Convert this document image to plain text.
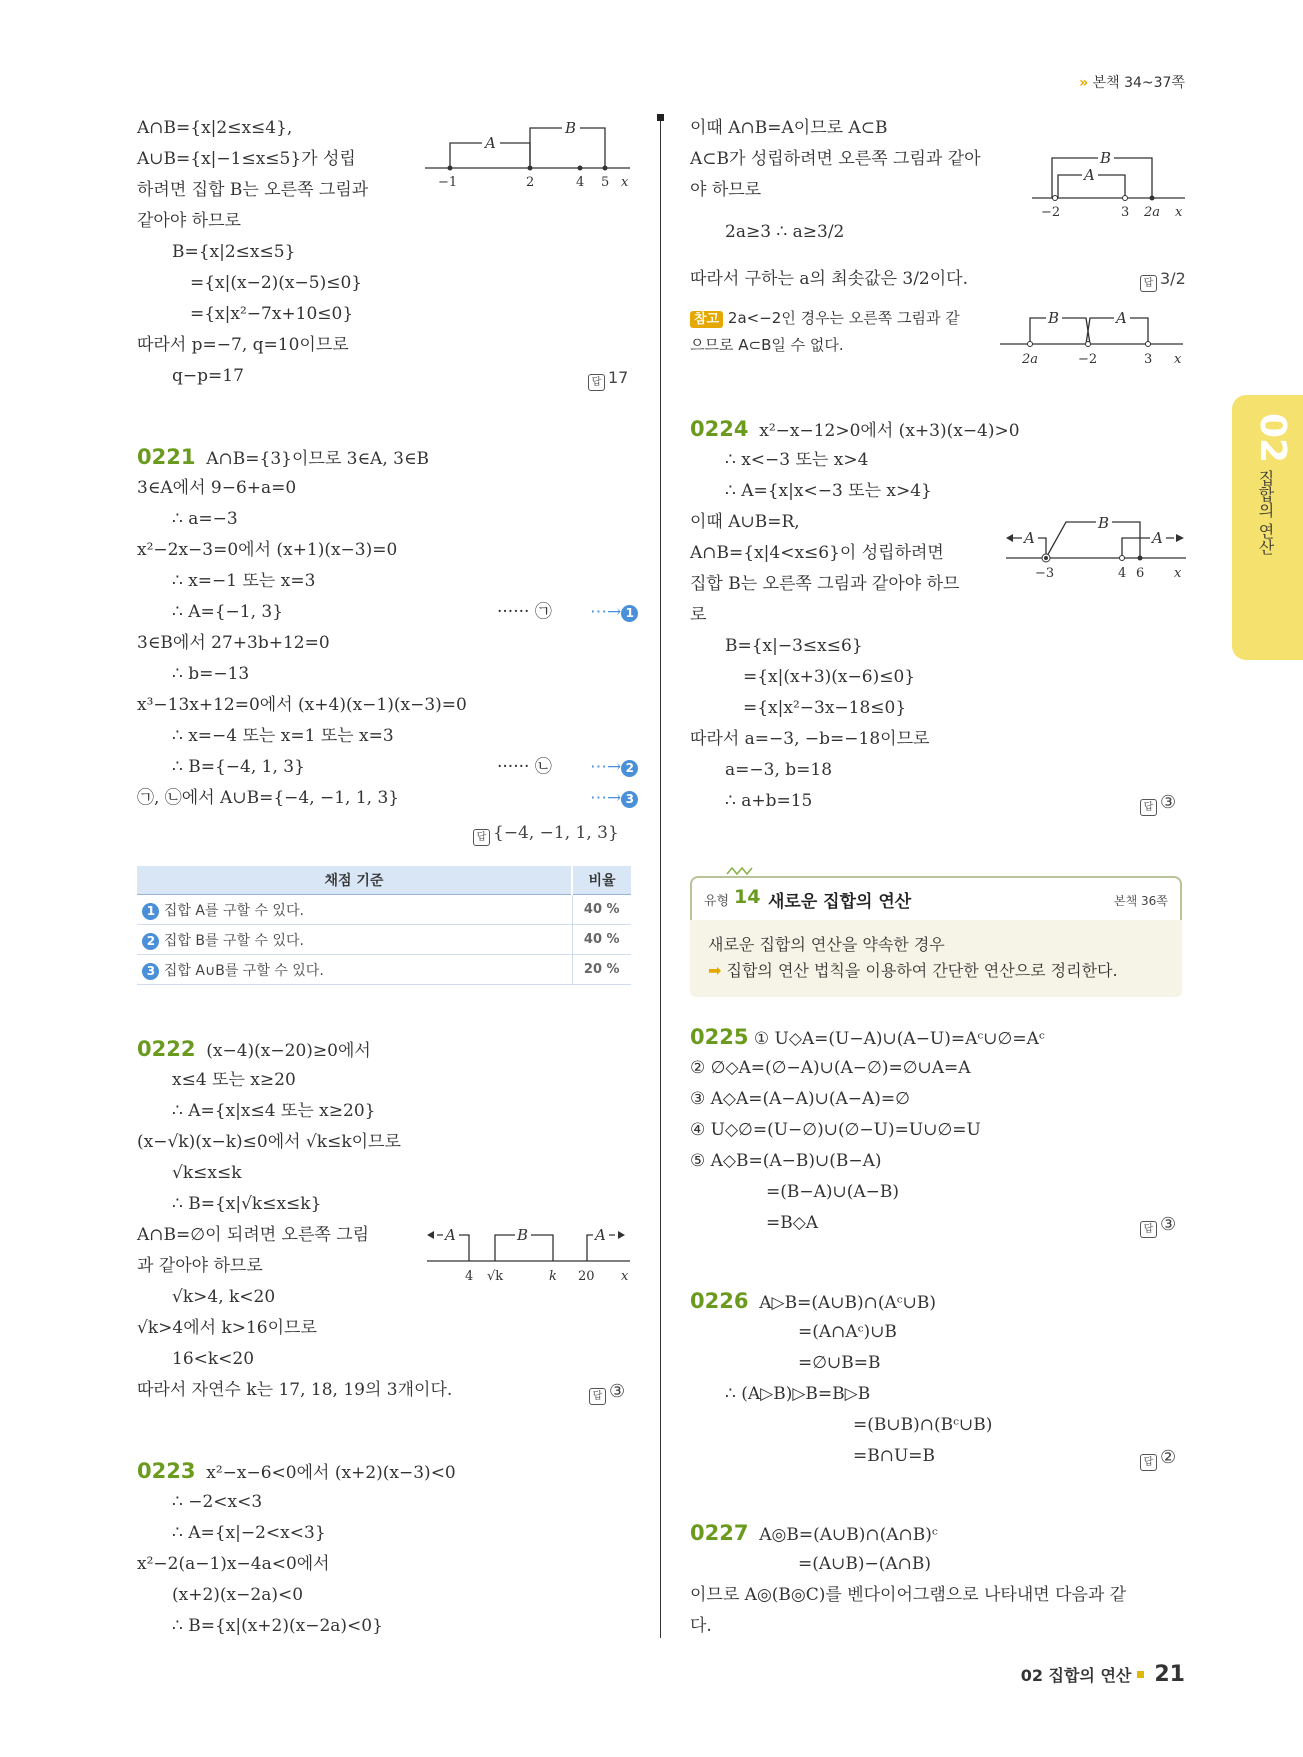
» 본책 34~37쪽
02
집합의 연산
A∩B={x|2≤x≤4},
A∪B={x|−1≤x≤5}가 성립
하려면 집합 B는 오른쪽 그림과
같아야 하므로
B={x|2≤x≤5}
={x|(x−2)(x−5)≤0}
={x|x²−7x+10≤0}
따라서 p=−7, q=10이므로
q−p=17	답 17
A
B
−1	2	4 5 x
0221 A∩B={3}이므로 3∈A, 3∈B
3∈A에서 9−6+a=0
∴ a=−3
x²−2x−3=0에서 (x+1)(x−3)=0
∴ x=−1 또는 x=3
∴ A={−1, 3}	······ ㉠ ⋯→ 1
3∈B에서 27+3b+12=0
∴ b=−13
x³−13x+12=0에서 (x+4)(x−1)(x−3)=0
∴ x=−4 또는 x=1 또는 x=3
∴ B={−4, 1, 3}	······ ㉡ ⋯→ 2
㉠, ㉡에서 A∪B={−4, −1, 1, 3}	⋯→ 3
답 {−4, −1, 1, 3}
채점 기준	비율
1 집합 A를 구할 수 있다.	40 %
2 집합 B를 구할 수 있다.	40 %
3 집합 A∪B를 구할 수 있다.	20 %
0222 (x−4)(x−20)≥0에서
x≤4 또는 x≥20
∴ A={x|x≤4 또는 x≥20}
(x−√k)(x−k)≤0에서 √k≤k이므로
√k≤x≤k
∴ B={x|√k≤x≤k}
A∩B=∅이 되려면 오른쪽 그림
과 같아야 하므로
√k>4, k<20
√k>4에서 k>16이므로
16<k<20
따라서 자연수 k는 17, 18, 19의 3개이다.	답 ③
A	B	A
4 √k	k 20 x
0223 x²−x−6<0에서 (x+2)(x−3)<0
∴ −2<x<3
∴ A={x|−2<x<3}
x²−2(a−1)x−4a<0에서
(x+2)(x−2a)<0
∴ B={x|(x+2)(x−2a)<0}
이때 A∩B=A이므로 A⊂B
A⊂B가 성립하려면 오른쪽 그림과 같아
야 하므로
2a≥3 ∴ a≥3/2
따라서 구하는 a의 최솟값은 3/2이다.	답 3/2
B
A
−2	3 2a x
참고 2a<−2인 경우는 오른쪽 그림과 같
으므로 A⊂B일 수 없다.
B	A
2a	−2	3 x
0224 x²−x−12>0에서 (x+3)(x−4)>0
∴ x<−3 또는 x>4
∴ A={x|x<−3 또는 x>4}
이때 A∪B=R,
A∩B={x|4<x≤6}이 성립하려면
집합 B는 오른쪽 그림과 같아야 하므
로
B={x|−3≤x≤6}
={x|(x+3)(x−6)≤0}
={x|x²−3x−18≤0}
따라서 a=−3, −b=−18이므로
a=−3, b=18
∴ a+b=15	답 ③
A
B
A
−3	4 6 x
유형 14 새로운 집합의 연산	본책 36쪽
새로운 집합의 연산을 약속한 경우
➡ 집합의 연산 법칙을 이용하여 간단한 연산으로 정리한다.
0225 ① U◇A=(U−A)∪(A−U)=Aᶜ∪∅=Aᶜ
② ∅◇A=(∅−A)∪(A−∅)=∅∪A=A
③ A◇A=(A−A)∪(A−A)=∅
④ U◇∅=(U−∅)∪(∅−U)=U∪∅=U
⑤ A◇B=(A−B)∪(B−A)
=(B−A)∪(A−B)
=B◇A	답 ③
0226 A▷B=(A∪B)∩(Aᶜ∪B)
=(A∩Aᶜ)∪B
=∅∪B=B
∴ (A▷B)▷B=B▷B
=(B∪B)∩(Bᶜ∪B)
=B∩U=B	답 ②
0227 A◎B=(A∪B)∩(A∩B)ᶜ
=(A∪B)−(A∩B)
이므로 A◎(B◎C)를 벤다이어그램으로 나타내면 다음과 같
다.
02 집합의 연산 21
